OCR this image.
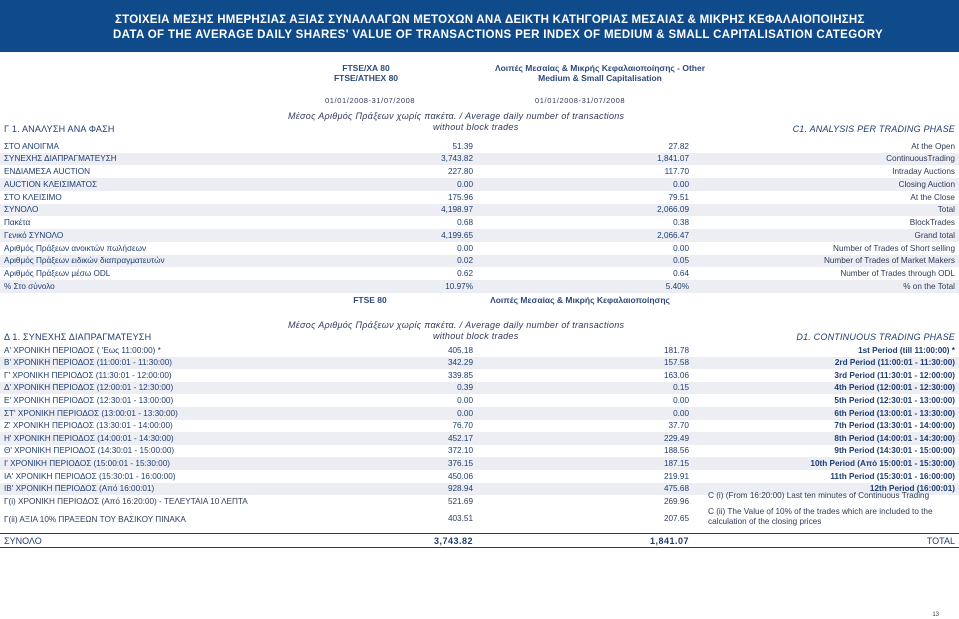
ΣΤΟΙΧΕΙΑ ΜΕΣΗΣ ΗΜΕΡΗΣΙΑΣ ΑΞΙΑΣ ΣΥΝΑΛΛΑΓΩΝ ΜΕΤΟΧΩΝ ΑΝΑ ΔΕΙΚΤΗ ΚΑΤΗΓΟΡΙΑΣ ΜΕΣΑΙΑΣ & ΜΙΚΡΗΣ ΚΕΦΑΛΑΙΟΠΟΙΗΣΗΣ
DATA OF THE AVERAGE DAILY SHARES' VALUE OF TRANSACTIONS PER INDEX OF MEDIUM & SMALL CAPITALISATION CATEGORY
FTSE/XA 80
FTSE/ATHEX 80
Λοιπές Μεσαίας & Μικρής Κεφαλαιοποίησης - Other
Medium & Small Capitalisation
01/01/2008-31/07/2008	01/01/2008-31/07/2008
Μέσος Αριθμός Πράξεων χωρίς πακέτα. / Average daily number of transactions
without block trades
Γ 1. ΑΝΑΛΥΣΗ ΑΝΑ ΦΑΣΗ	C1. ANALYSIS PER TRADING PHASE
ΣΤΟ ΑΝΟΙΓΜΑ	51.39	27.82	At the Open
ΣΥΝΕΧΗΣ ΔΙΑΠΡΑΓΜΑΤΕΥΣΗ	3,743.82	1,841.07	ContinuousTrading
ΕΝΔΙΑΜΕΣΑ AUCTION	227.80	117.70	Intraday Auctions
AUCTION ΚΛΕΙΣΙΜΑΤΟΣ	0.00	0.00	Closing Auction
ΣΤΟ ΚΛΕΙΣΙΜΟ	175.96	79.51	At the Close
ΣΥΝΟΛΟ	4,198.97	2,066.09	Total
Πακέτα	0.68	0.38	BlockTrades
Γενικό ΣΥΝΟΛΟ	4,199.65	2,066.47	Grand total
Αριθμός Πράξεων ανοικτών πωλήσεων	0.00	0.00	Number of Trades of Short selling
Αριθμός Πράξεων ειδικών διαπραγματευτών	0.02	0.05	Number of Trades of Market Makers
Αριθμός Πράξεων μέσω ODL	0.62	0.64	Number of Trades through ODL
% Στο σύνολο	10.97%	5.40%	% on the Total
FTSE 80	Λοιπές Μεσαίας & Μικρής Κεφαλαιοποίησης
Μέσος Αριθμός Πράξεων χωρίς πακέτα. / Average daily number of transactions
without block trades
Δ 1. ΣΥΝΕΧΗΣ ΔΙΑΠΡΑΓΜΑΤΕΥΣΗ	D1. CONTINUOUS TRADING PHASE
Α' ΧΡΟΝΙΚΗ ΠΕΡΙΟΔΟΣ ( 'Εως 11:00:00) *	405.18	181.78	1st Period (till 11:00:00) *
Β' ΧΡΟΝΙΚΗ ΠΕΡΙΟΔΟΣ (11:00:01 - 11:30:00)	342.29	157.58	2rd Period (11:00:01 - 11:30:00)
Γ' ΧΡΟΝΙΚΗ ΠΕΡΙΟΔΟΣ (11:30:01 - 12:00:00)	339.85	163.06	3rd Period (11:30:01 - 12:00:00)
Δ' ΧΡΟΝΙΚΗ ΠΕΡΙΟΔΟΣ (12:00:01 - 12:30:00)	0.39	0.15	4th Period (12:00:01 - 12:30:00)
Ε' ΧΡΟΝΙΚΗ ΠΕΡΙΟΔΟΣ (12:30:01 - 13:00:00)	0.00	0.00	5th Period (12:30:01 - 13:00:00)
ΣΤ' ΧΡΟΝΙΚΗ ΠΕΡΙΟΔΟΣ (13:00:01 - 13:30:00)	0.00	0.00	6th Period (13:00:01 - 13:30:00)
Ζ' ΧΡΟΝΙΚΗ ΠΕΡΙΟΔΟΣ (13:30:01 - 14:00:00)	76.70	37.70	7th Period (13:30:01 - 14:00:00)
Η' ΧΡΟΝΙΚΗ ΠΕΡΙΟΔΟΣ (14:00:01 - 14:30:00)	452.17	229.49	8th Period (14:00:01 - 14:30:00)
Θ' ΧΡΟΝΙΚΗ ΠΕΡΙΟΔΟΣ (14:30:01 - 15:00:00)	372.10	188.56	9th Period (14:30:01 - 15:00:00)
Ι' ΧΡΟΝΙΚΗ ΠΕΡΙΟΔΟΣ (15:00:01 - 15:30:00)	376.15	187.15	10th Period (Από 15:00:01 - 15:30:00)
ΙΑ' ΧΡΟΝΙΚΗ ΠΕΡΙΟΔΟΣ (15:30:01 - 16:00:00)	450.06	219.91	11th Period (15:30:01 - 16:00:00)
ΙΒ' ΧΡΟΝΙΚΗ ΠΕΡΙΟΔΟΣ (Από 16:00:01)	928.94	475.68	12th Period (16:00:01)
Γ(i) ΧΡΟΝΙΚΗ ΠΕΡΙΟΔΟΣ (Από 16:20:00) - ΤΕΛΕΥΤΑΙΑ 10 ΛΕΠΤΑ	521.69	269.96
C (i) (From 16:20:00) Last ten minutes of Continuous Trading
Γ(ii) ΑΞΙΑ 10% ΠΡΑΞΕΩΝ ΤΟΥ ΒΑΣΙΚΟΥ ΠΙΝΑΚΑ	403.51	207.65
C (ii) The Value of 10% of the trades which are included to the
calculation of the closing prices
ΣΥΝΟΛΟ	3,743.82	1,841.07	TOTAL
13
